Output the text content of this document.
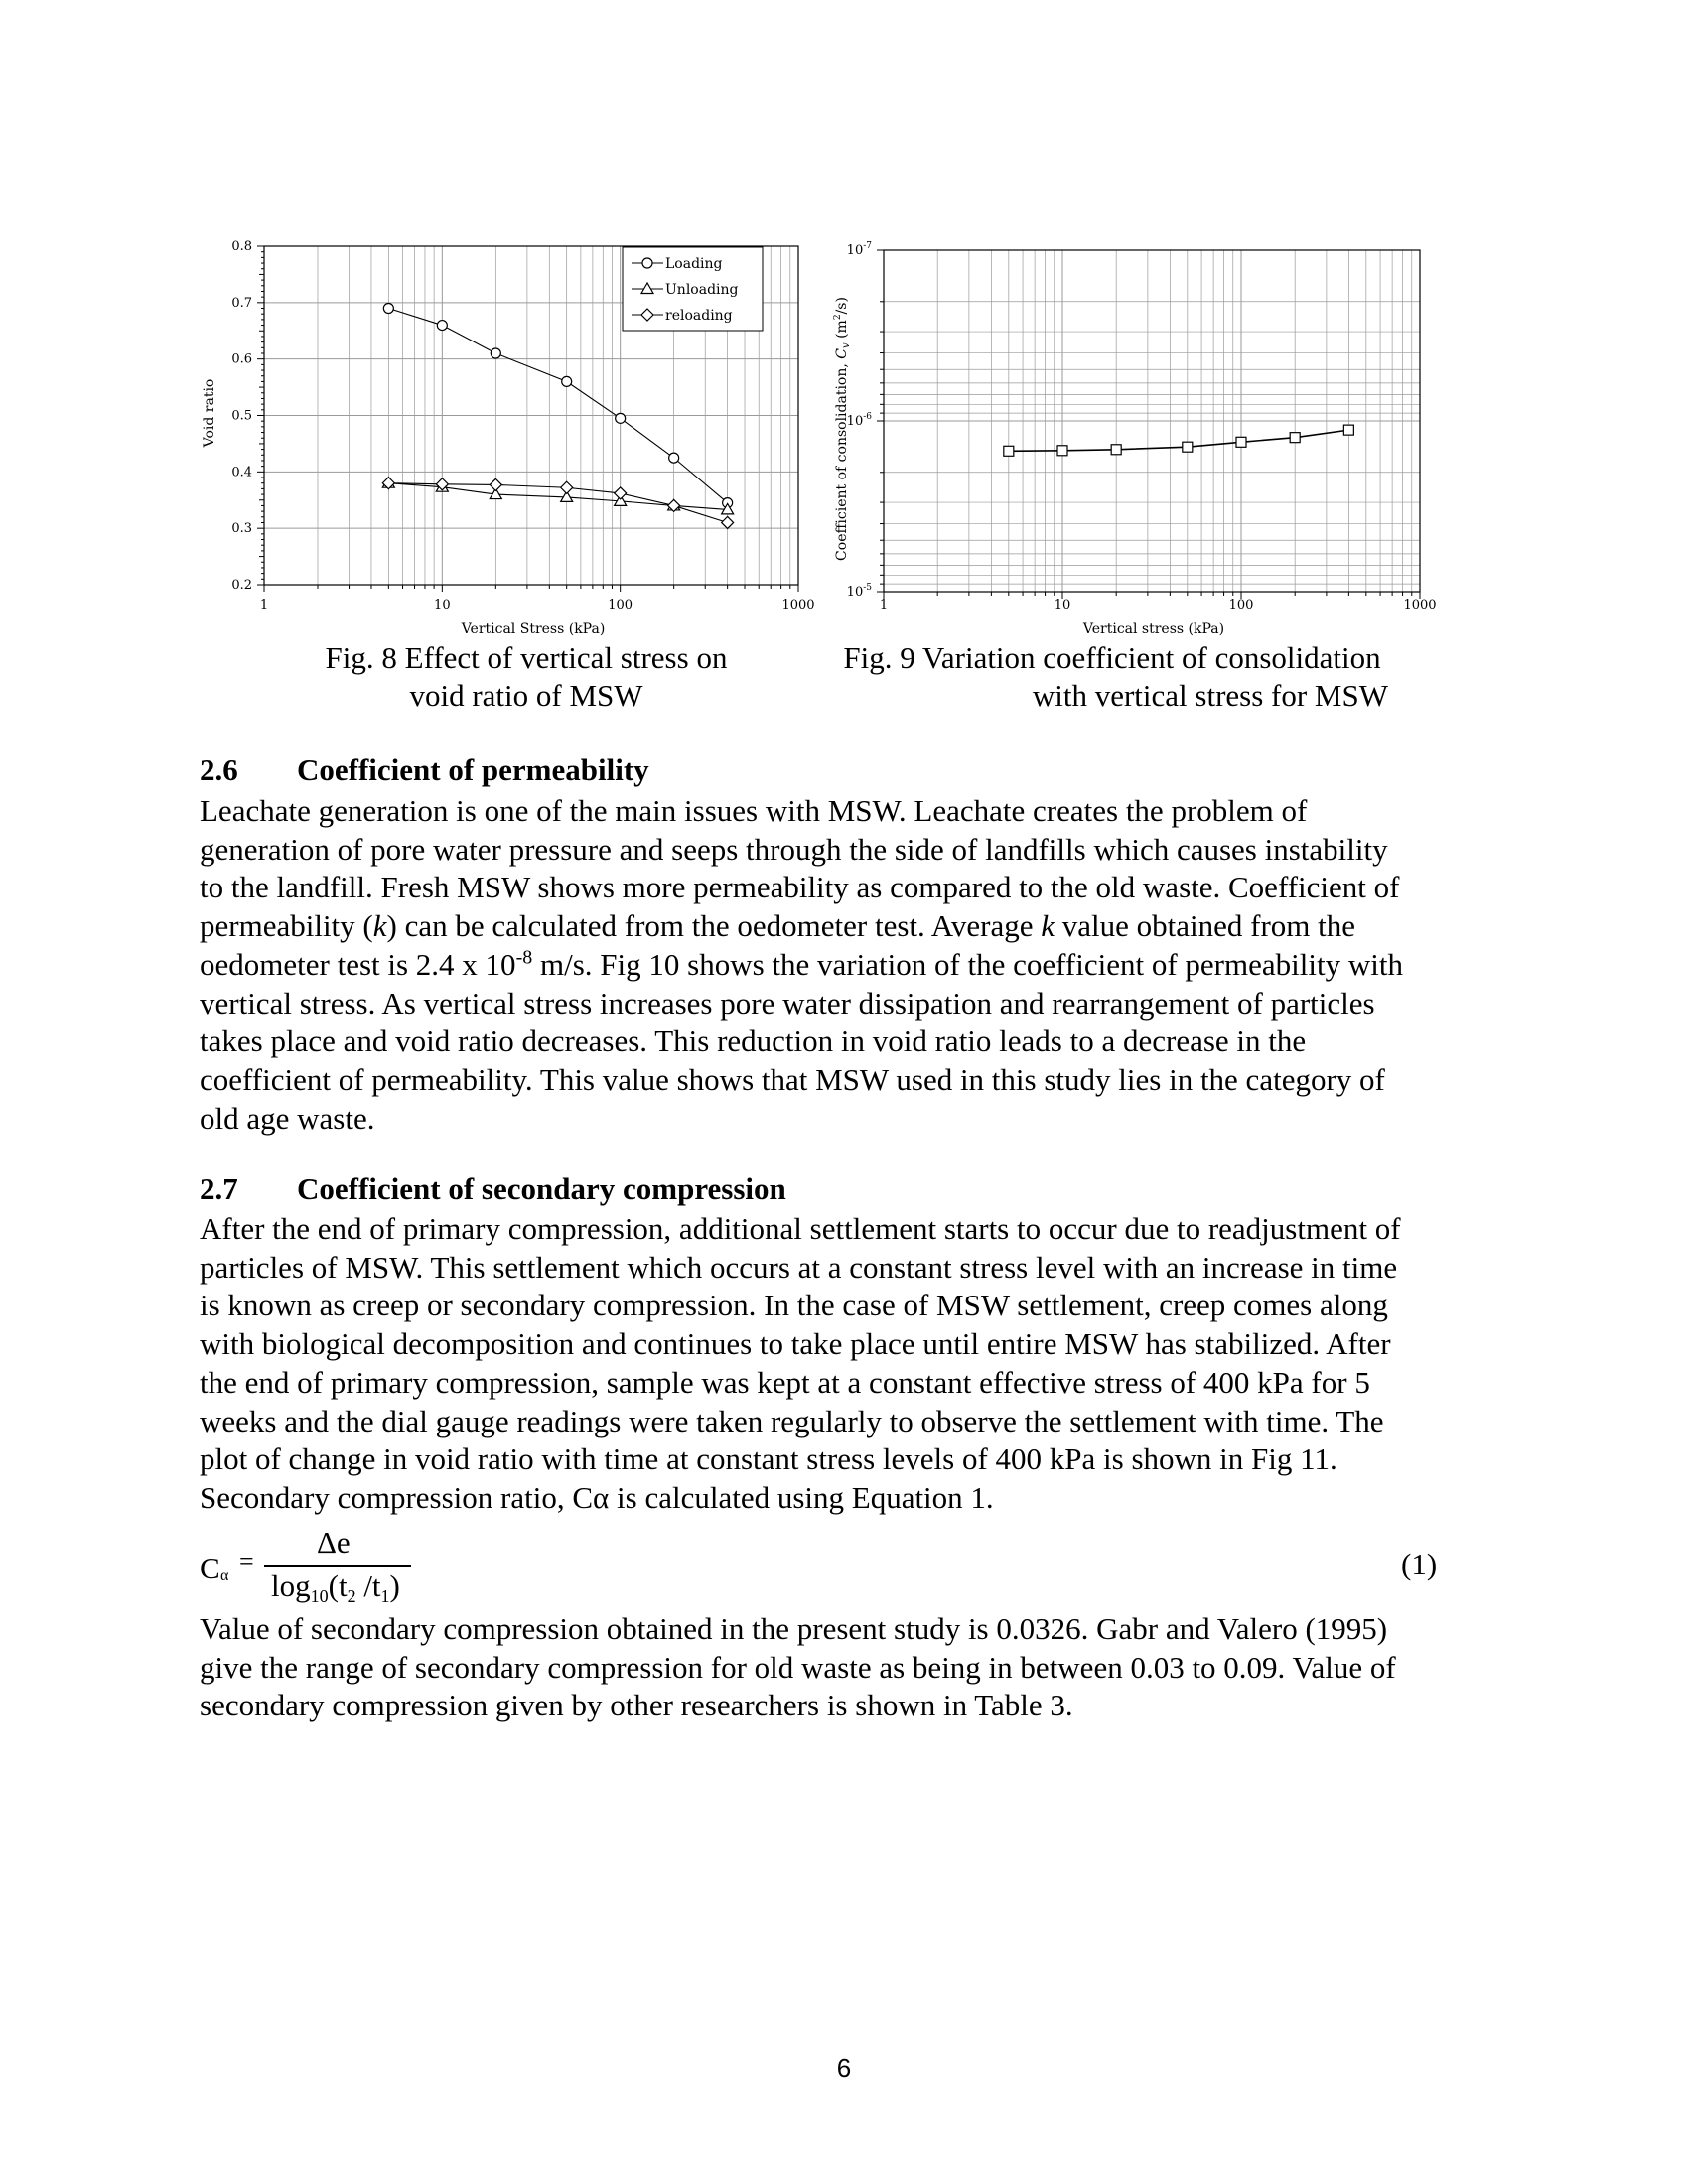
1	10	100	1000
0.2
0.3
0.4
0.5
0.6
0.7
0.8
Loading
Unloading
reloading
Vertical Stress (kPa)
Void ratio
1	10	100	1000
$10^{-7}$
$10^{-6}$
$10^{-5}$
Vertical stress (kPa)
Coefficient of consolidation, $C_v$ $(m^2/s)$
Fig. 8 Effect of vertical stress on
void ratio of MSW
Fig. 9 Variation coefficient of consolidation
with vertical stress for MSW
2.6 Coefficient of permeability
Leachate generation is one of the main issues with MSW. Leachate creates the problem of
generation of pore water pressure and seeps through the side of landfills which causes instability
to the landfill. Fresh MSW shows more permeability as compared to the old waste. Coefficient of
permeability (k) can be calculated from the oedometer test. Average k value obtained from the
oedometer test is 2.4 x $10^{-8}$ m/s. Fig 10 shows the variation of the coefficient of permeability with
vertical stress. As vertical stress increases pore water dissipation and rearrangement of particles
takes place and void ratio decreases. This reduction in void ratio leads to a decrease in the
coefficient of permeability. This value shows that MSW used in this study lies in the category of
old age waste.
2.7 Coefficient of secondary compression
After the end of primary compression, additional settlement starts to occur due to readjustment of
particles of MSW. This settlement which occurs at a constant stress level with an increase in time
is known as creep or secondary compression. In the case of MSW settlement, creep comes along
with biological decomposition and continues to take place until entire MSW has stabilized. After
the end of primary compression, sample was kept at a constant effective stress of 400 kPa for 5
weeks and the dial gauge readings were taken regularly to observe the settlement with time. The
plot of change in void ratio with time at constant stress levels of 400 kPa is shown in Fig 11.
Secondary compression ratio, Cα is calculated using Equation 1.
C α
=
Δe
log10(t2 /t1)
(1)
Value of secondary compression obtained in the present study is 0.0326. Gabr and Valero (1995)
give the range of secondary compression for old waste as being in between 0.03 to 0.09. Value of
secondary compression given by other researchers is shown in Table 3.
6
